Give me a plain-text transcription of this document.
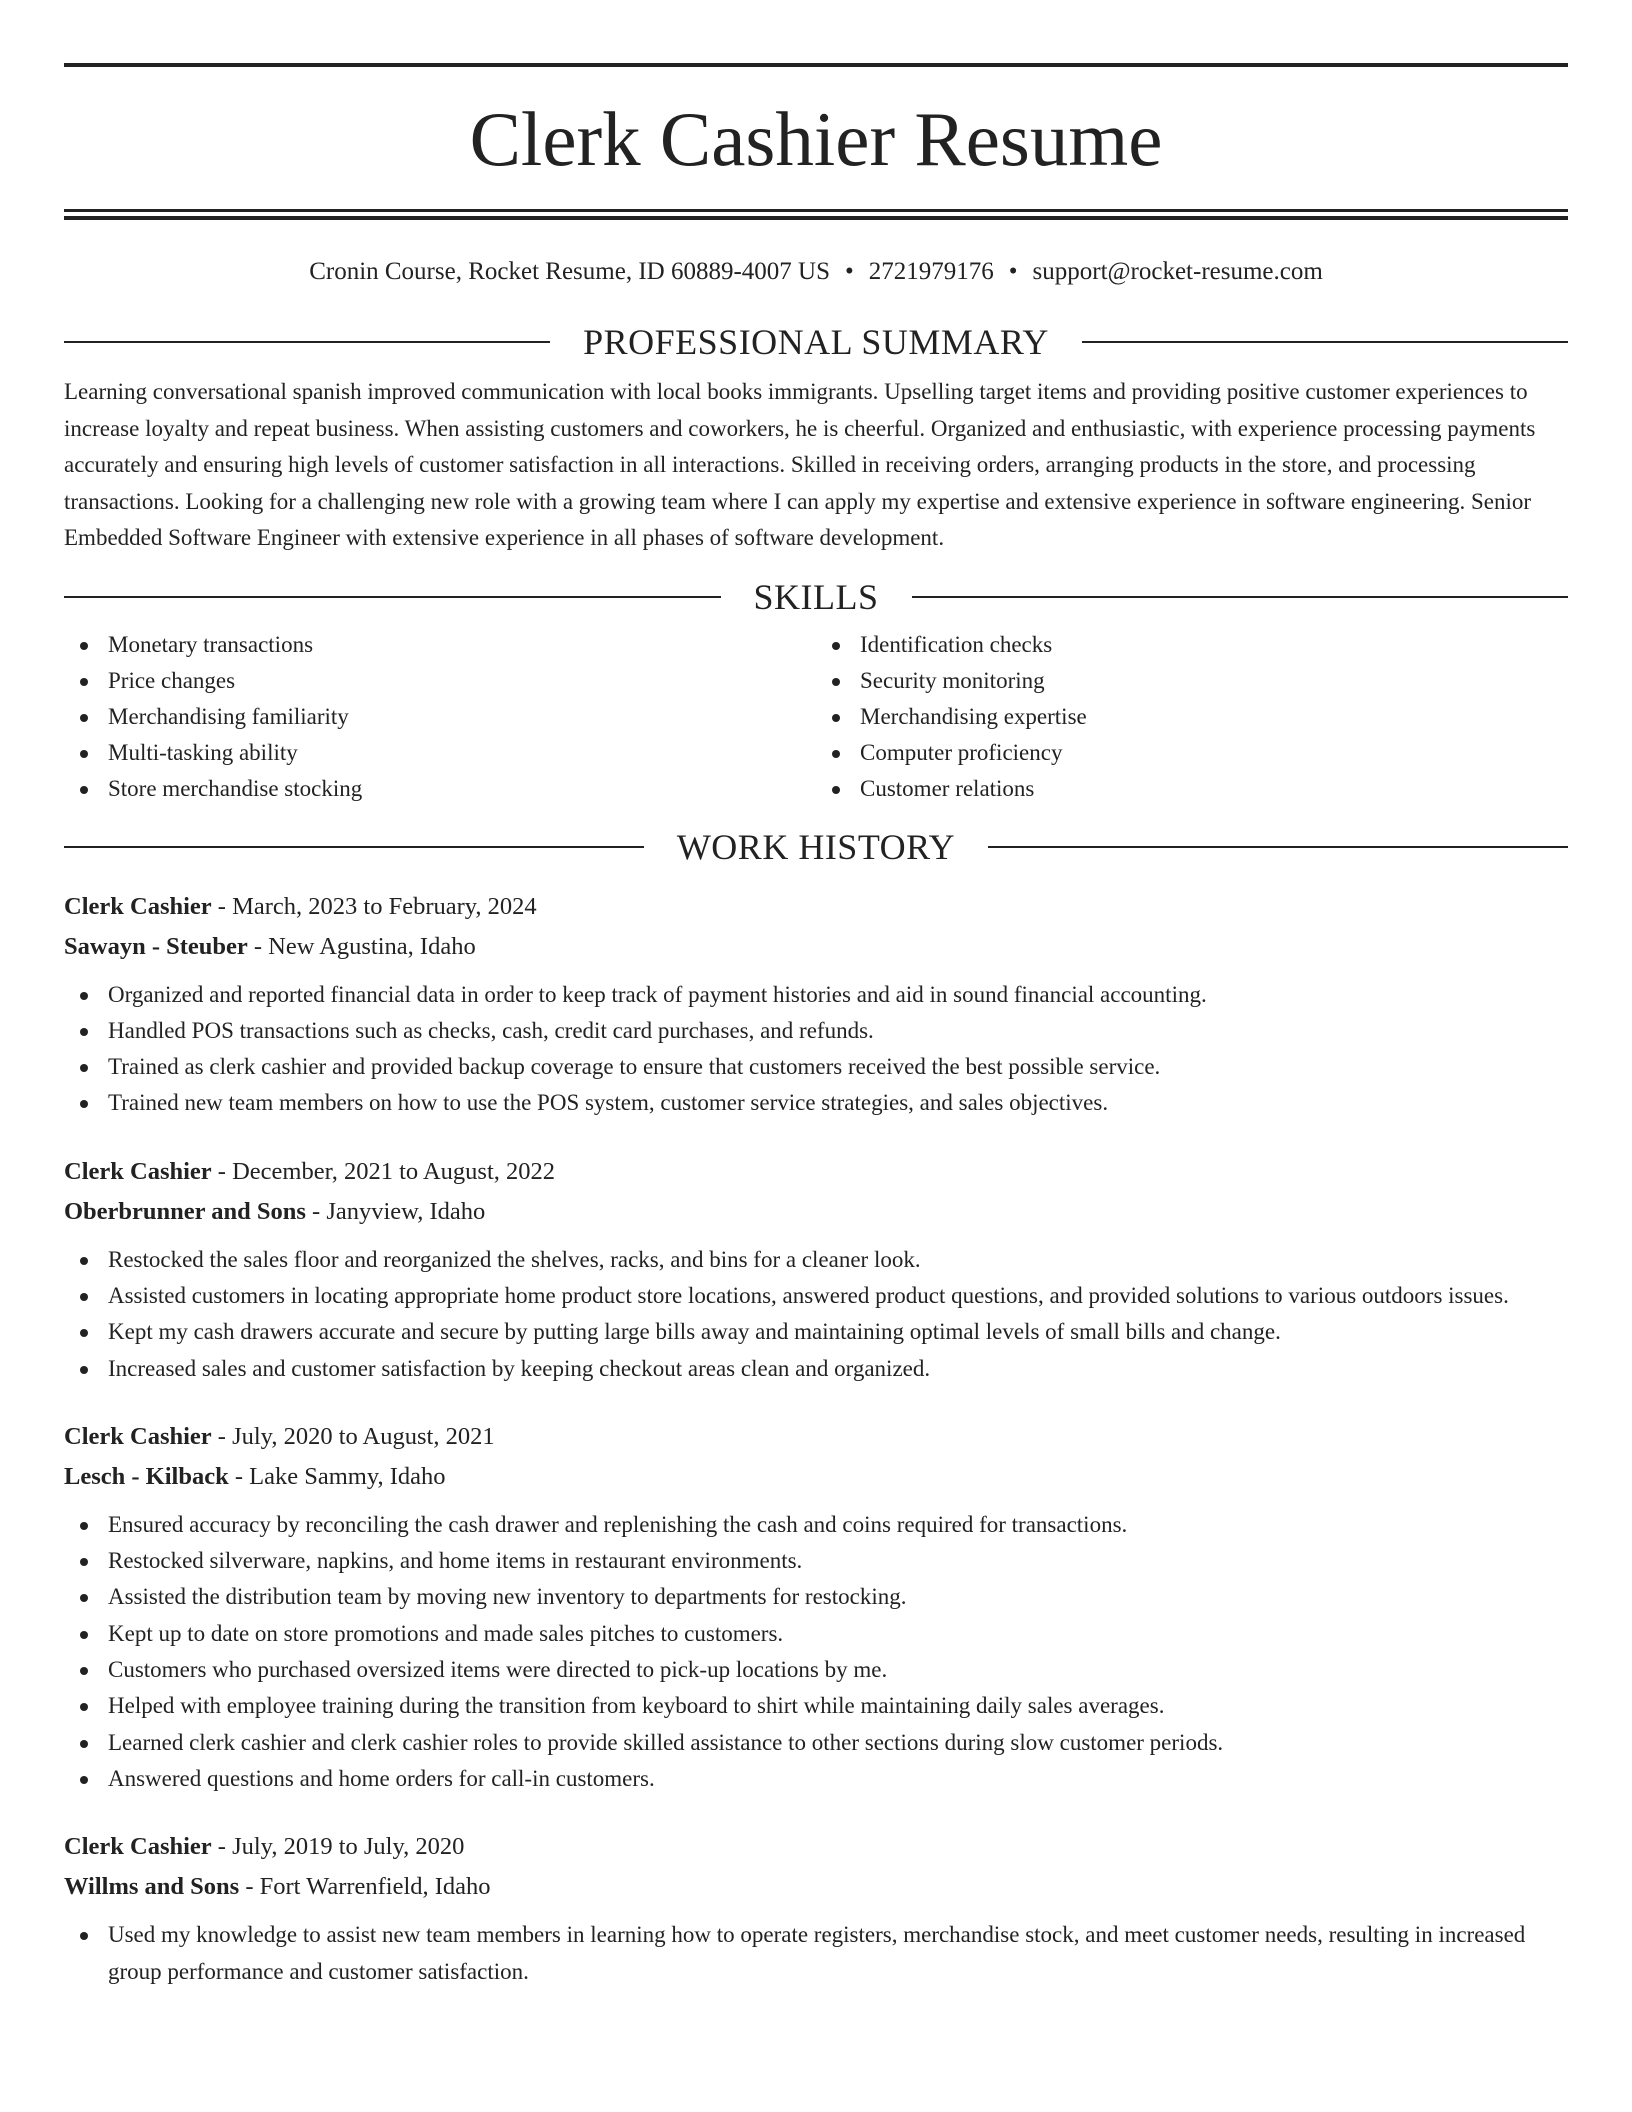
Clerk Cashier Resume
Cronin Course, Rocket Resume, ID 60889-4007 US • 2721979176 • support@rocket-resume.com
PROFESSIONAL SUMMARY

Learning conversational spanish improved communication with local books immigrants. Upselling target items and providing positive customer experiences to increase loyalty and repeat business. When assisting customers and coworkers, he is cheerful. Organized and enthusiastic, with experience processing payments accurately and ensuring high levels of customer satisfaction in all interactions. Skilled in receiving orders, arranging products in the store, and processing transactions. Looking for a challenging new role with a growing team where I can apply my expertise and extensive experience in software engineering. Senior Embedded Software Engineer with extensive experience in all phases of software development.

SKILLS
Monetary transactions
Price changes
Merchandising familiarity
Multi-tasking ability
Store merchandise stocking
Identification checks
Security monitoring
Merchandising expertise
Computer proficiency
Customer relations
WORK HISTORY
Clerk Cashier - March, 2023 to February, 2024
Sawayn - Steuber - New Agustina, Idaho
Organized and reported financial data in order to keep track of payment histories and aid in sound financial accounting.
Handled POS transactions such as checks, cash, credit card purchases, and refunds.
Trained as clerk cashier and provided backup coverage to ensure that customers received the best possible service.
Trained new team members on how to use the POS system, customer service strategies, and sales objectives.
Clerk Cashier - December, 2021 to August, 2022
Oberbrunner and Sons - Janyview, Idaho
Restocked the sales floor and reorganized the shelves, racks, and bins for a cleaner look.
Assisted customers in locating appropriate home product store locations, answered product questions, and provided solutions to various outdoors issues.
Kept my cash drawers accurate and secure by putting large bills away and maintaining optimal levels of small bills and change.
Increased sales and customer satisfaction by keeping checkout areas clean and organized.
Clerk Cashier - July, 2020 to August, 2021
Lesch - Kilback - Lake Sammy, Idaho
Ensured accuracy by reconciling the cash drawer and replenishing the cash and coins required for transactions.
Restocked silverware, napkins, and home items in restaurant environments.
Assisted the distribution team by moving new inventory to departments for restocking.
Kept up to date on store promotions and made sales pitches to customers.
Customers who purchased oversized items were directed to pick-up locations by me.
Helped with employee training during the transition from keyboard to shirt while maintaining daily sales averages.
Learned clerk cashier and clerk cashier roles to provide skilled assistance to other sections during slow customer periods.
Answered questions and home orders for call-in customers.
Clerk Cashier - July, 2019 to July, 2020
Willms and Sons - Fort Warrenfield, Idaho
Used my knowledge to assist new team members in learning how to operate registers, merchandise stock, and meet customer needs, resulting in increased group performance and customer satisfaction.
